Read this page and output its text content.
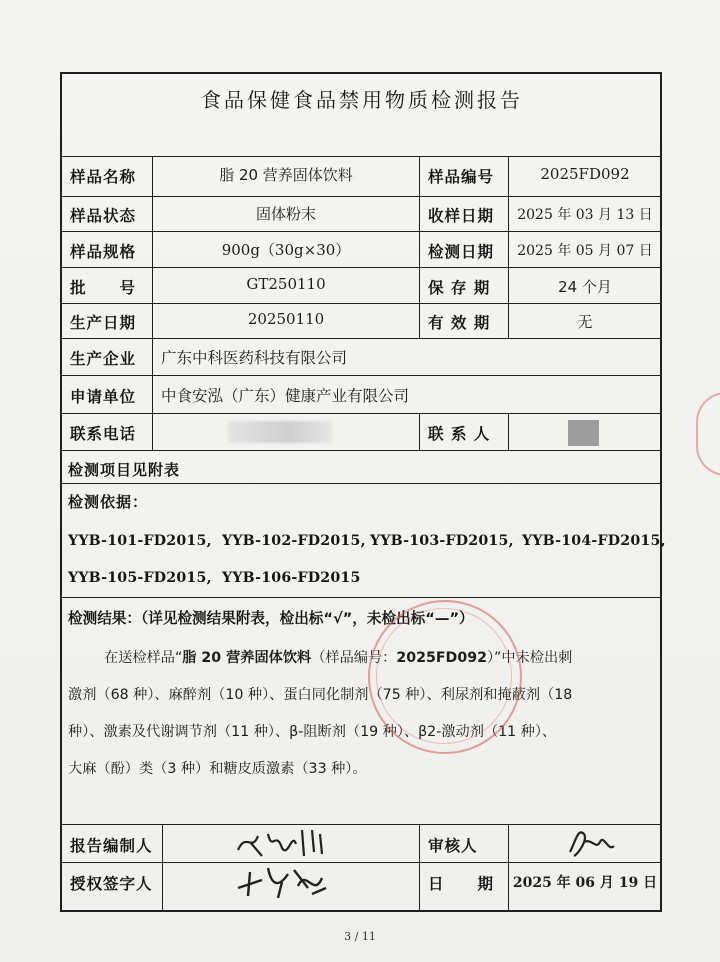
食品保健食品禁用物质检测报告
样品名称	脂 20 营养固体饮料	样品编号	2025FD092
样品状态	固体粉末	收样日期	2025 年 03 月 13 日
样品规格	900g（30g×30）	检测日期	2025 年 05 月 07 日
批　　号	GT250110	保 存 期	24 个月
生产日期	20250110	有 效 期	无
生产企业 广东中科医药科技有限公司
申请单位 中食安泓（广东）健康产业有限公司
联系电话	联 系 人
检测项目见附表
检测依据：
YYB-101-FD2015, YYB-102-FD2015, YYB-103-FD2015, YYB-104-FD2015,
YYB-105-FD2015, YYB-106-FD2015
检测结果：（详见检测结果附表，检出标“√”，未检出标“—”）
在送检样品“脂 20 营养固体饮料（样品编号：2025FD092）”中未检出刺
激剂（68 种）、麻醉剂（10 种）、蛋白同化制剂（75 种）、利尿剂和掩蔽剂（18
种）、激素及代谢调节剂（11 种）、β-阻断剂（19 种）、β2-激动剂（11 种）、
大麻（酚）类（3 种）和糖皮质激素（33 种）。
报告编制人	审核人
授权签字人	日　　期 2025 年 06 月 19 日
3 / 11
